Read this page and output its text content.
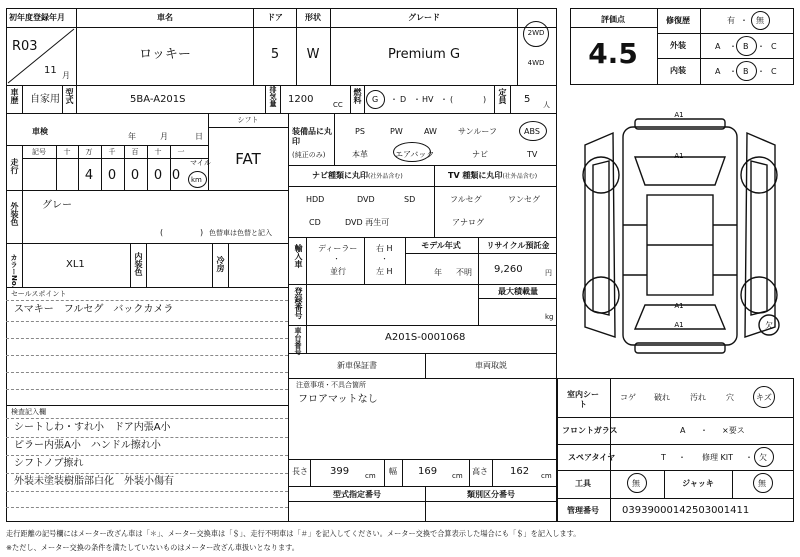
初年度登録年月
R03
11 月
車名
ロッキー
ドア
5
形状
W
グレード
Premium G
2WD
4WD
車歴 自家用 型式	5BA-A201S	排気量 1200	CC
燃料 G ・ D ・ HV ・ (	) 定員 5 人
車検
年	月	日
シフト
FAT
走行
記号	十 万 千 百 十 一
4 0 0 0 0
マイル
km
外装色 グレー
(	) 色替車は色替と記入
カラーNo.	XL1	内装色	冷房
セールスポイント
スマキー　フルセグ　バックカメラ
検査記入欄
シートしわ・すれ小　ドア内張A小
ピラー内張A小　ハンドル擦れ小
シフトノブ擦れ
外装未塗装樹脂部白化　外装小傷有
装備品に丸印
(純正のみ)
PS	PW	AW	サンルーフ	ABS
本革	エアバック	ナビ	TV
ナビ種類に丸印(社外品含む)	TV 種類に丸印(社外品含む)
HDD	DVD	SD
CD	DVD 再生可
フルセグ	ワンセグ
アナログ
輸入車 ディーラー
・
並行
右 H
・
左 H
モデル年式
年 不明
リサイクル預託金
9,260	円
登録番号	最大積載量
kg
車台番号	A201S-0001068
新車保証書	車両取説
注意事項・不具合箇所
フロアマットなし
長さ 399 cm 幅 169 cm 高さ 162 cm
型式指定番号	類別区分番号
評価点
4.5
修復歴	有 ・ 無
外装	A ・ B ・ C
内装	A ・ B ・ C
A1
A1
A1
A1	欠
室内シート
コゲ 破れ	汚れ	穴	キズ
フロントガラス	A ・ ×要ス
スペアタイヤ	T ・ 修理 KIT ・ 欠
工具	無	ジャッキ	無
管理番号 03939000142503001411
走行距離の記号欄にはメーター改ざん車は「＊」、メーター交換車は「＄」、走行不明車は「＃」を記入してください。メーター交換で合算表示した場合にも「＄」を記入します。
※ただし、メーター交換の条件を満たしていないものはメーター改ざん車扱いとなります。
